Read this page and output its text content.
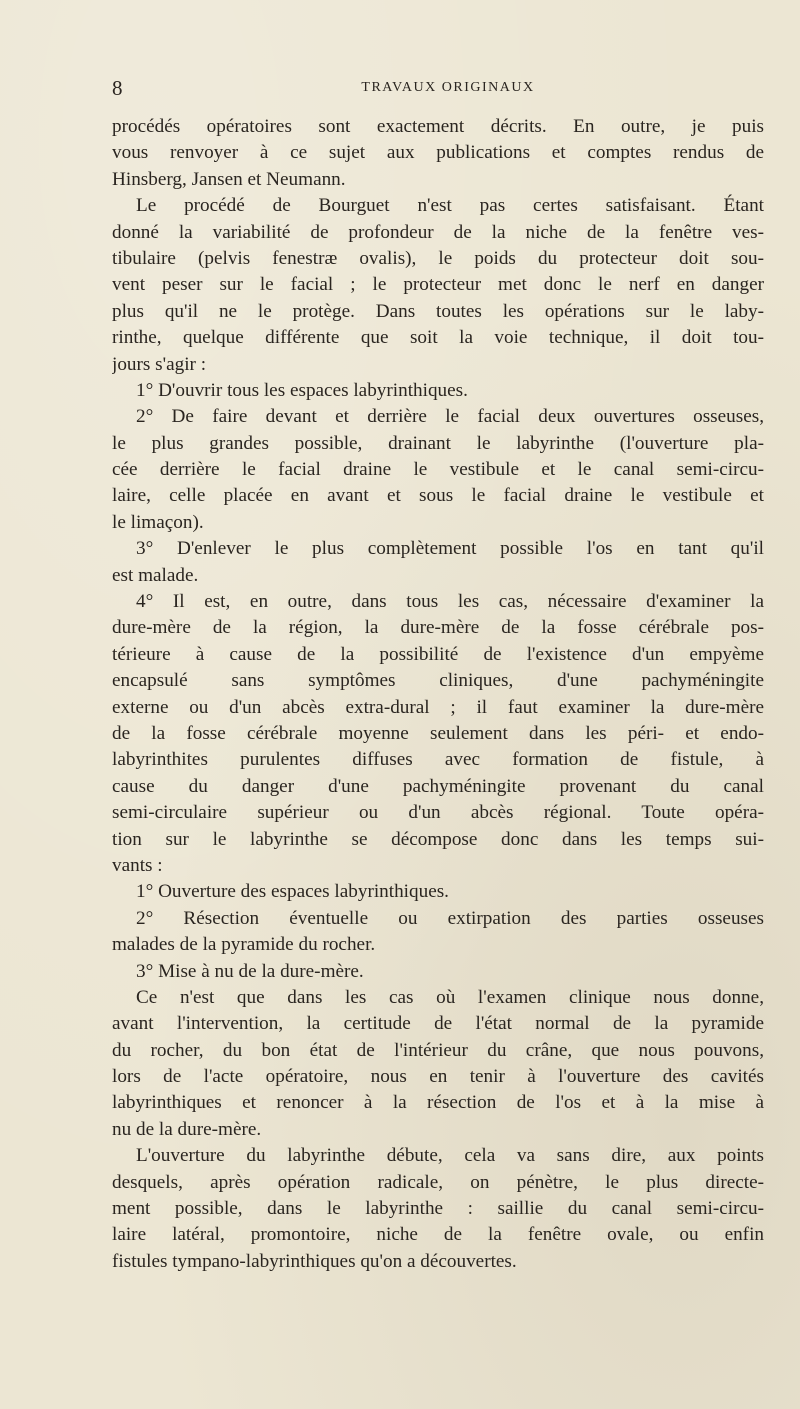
8	TRAVAUX ORIGINAUX
procédés opératoires sont exactement décrits. En outre, je puis
vous renvoyer à ce sujet aux publications et comptes rendus de
Hinsberg, Jansen et Neumann.
Le procédé de Bourguet n'est pas certes satisfaisant. Étant
donné la variabilité de profondeur de la niche de la fenêtre ves-
tibulaire (pelvis fenestræ ovalis), le poids du protecteur doit sou-
vent peser sur le facial ; le protecteur met donc le nerf en danger
plus qu'il ne le protège. Dans toutes les opérations sur le laby-
rinthe, quelque différente que soit la voie technique, il doit tou-
jours s'agir :
1° D'ouvrir tous les espaces labyrinthiques.
2° De faire devant et derrière le facial deux ouvertures osseuses,
le plus grandes possible, drainant le labyrinthe (l'ouverture pla-
cée derrière le facial draine le vestibule et le canal semi-circu-
laire, celle placée en avant et sous le facial draine le vestibule et
le limaçon).
3° D'enlever le plus complètement possible l'os en tant qu'il
est malade.
4° Il est, en outre, dans tous les cas, nécessaire d'examiner la
dure-mère de la région, la dure-mère de la fosse cérébrale pos-
térieure à cause de la possibilité de l'existence d'un empyème
encapsulé sans symptômes cliniques, d'une pachyméningite
externe ou d'un abcès extra-dural ; il faut examiner la dure-mère
de la fosse cérébrale moyenne seulement dans les péri- et endo-
labyrinthites purulentes diffuses avec formation de fistule, à
cause du danger d'une pachyméningite provenant du canal
semi-circulaire supérieur ou d'un abcès régional. Toute opéra-
tion sur le labyrinthe se décompose donc dans les temps sui-
vants :
1° Ouverture des espaces labyrinthiques.
2° Résection éventuelle ou extirpation des parties osseuses
malades de la pyramide du rocher.
3° Mise à nu de la dure-mère.
Ce n'est que dans les cas où l'examen clinique nous donne,
avant l'intervention, la certitude de l'état normal de la pyramide
du rocher, du bon état de l'intérieur du crâne, que nous pouvons,
lors de l'acte opératoire, nous en tenir à l'ouverture des cavités
labyrinthiques et renoncer à la résection de l'os et à la mise à
nu de la dure-mère.
L'ouverture du labyrinthe débute, cela va sans dire, aux points
desquels, après opération radicale, on pénètre, le plus directe-
ment possible, dans le labyrinthe : saillie du canal semi-circu-
laire latéral, promontoire, niche de la fenêtre ovale, ou enfin
fistules tympano-labyrinthiques qu'on a découvertes.
